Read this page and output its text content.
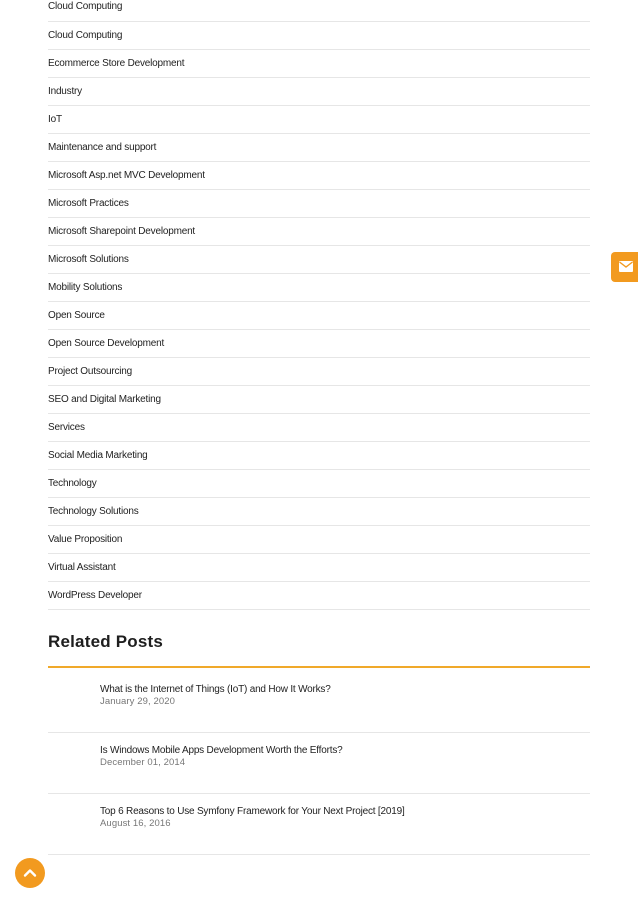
Cloud Computing
Cloud Computing
Ecommerce Store Development
Industry
IoT
Maintenance and support
Microsoft Asp.net MVC Development
Microsoft Practices
Microsoft Sharepoint Development
Microsoft Solutions
Mobility Solutions
Open Source
Open Source Development
Project Outsourcing
SEO and Digital Marketing
Services
Social Media Marketing
Technology
Technology Solutions
Value Proposition
Virtual Assistant
WordPress Developer
Related Posts
What is the Internet of Things (IoT) and How It Works?
January 29, 2020
Is Windows Mobile Apps Development Worth the Efforts?
December 01, 2014
Top 6 Reasons to Use Symfony Framework for Your Next Project [2019]
August 16, 2016
